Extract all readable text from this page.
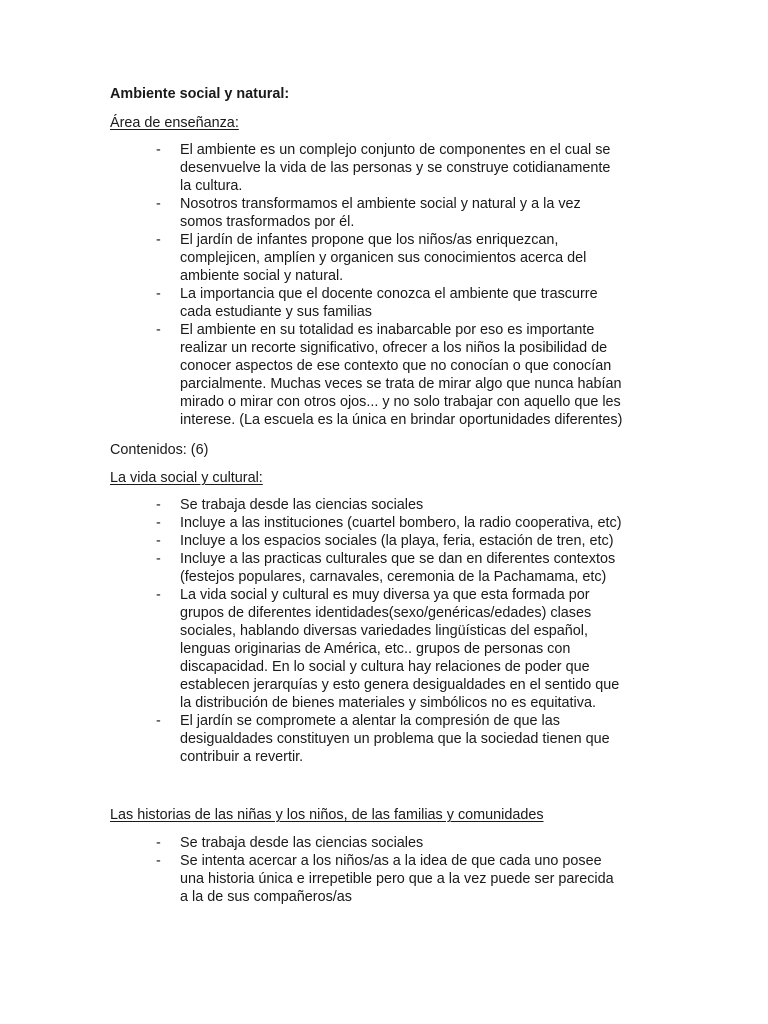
Ambiente social y natural:
Área de enseñanza:
- El ambiente es un complejo conjunto de componentes en el cual se
desenvuelve la vida de las personas y se construye cotidianamente
la cultura.
- Nosotros transformamos el ambiente social y natural y a la vez
somos trasformados por él.
- El jardín de infantes propone que los niños/as enriquezcan,
complejicen, amplíen y organicen sus conocimientos acerca del
ambiente social y natural.
- La importancia que el docente conozca el ambiente que trascurre
cada estudiante y sus familias
- El ambiente en su totalidad es inabarcable por eso es importante
realizar un recorte significativo, ofrecer a los niños la posibilidad de
conocer aspectos de ese contexto que no conocían o que conocían
parcialmente. Muchas veces se trata de mirar algo que nunca habían
mirado o mirar con otros ojos... y no solo trabajar con aquello que les
interese. (La escuela es la única en brindar oportunidades diferentes)
Contenidos: (6)
La vida social y cultural:
- Se trabaja desde las ciencias sociales
- Incluye a las instituciones (cuartel bombero, la radio cooperativa, etc)
- Incluye a los espacios sociales (la playa, feria, estación de tren, etc)
- Incluye a las practicas culturales que se dan en diferentes contextos
(festejos populares, carnavales, ceremonia de la Pachamama, etc)
- La vida social y cultural es muy diversa ya que esta formada por
grupos de diferentes identidades(sexo/genéricas/edades) clases
sociales, hablando diversas variedades lingüísticas del español,
lenguas originarias de América, etc.. grupos de personas con
discapacidad. En lo social y cultura hay relaciones de poder que
establecen jerarquías y esto genera desigualdades en el sentido que
la distribución de bienes materiales y simbólicos no es equitativa.
- El jardín se compromete a alentar la compresión de que las
desigualdades constituyen un problema que la sociedad tienen que
contribuir a revertir.
Las historias de las niñas y los niños, de las familias y comunidades
- Se trabaja desde las ciencias sociales
- Se intenta acercar a los niños/as a la idea de que cada uno posee
una historia única e irrepetible pero que a la vez puede ser parecida
a la de sus compañeros/as
